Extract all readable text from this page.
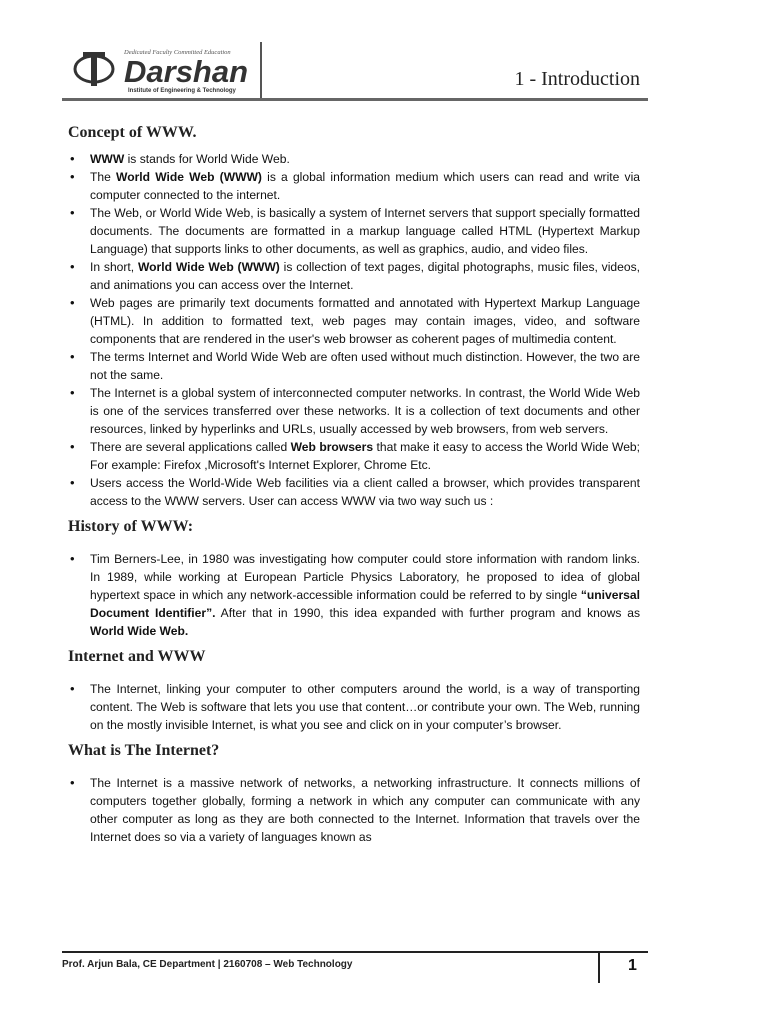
Dedicated Faculty Committed Education
Darshan
Institute of Engineering & Technology
1 - Introduction
Concept of WWW.
• WWW is stands for World Wide Web.
• The World Wide Web (WWW) is a global information medium which users can read and write via computer connected to the internet.
• The Web, or World Wide Web, is basically a system of Internet servers that support specially formatted documents. The documents are formatted in a markup language called HTML (Hypertext Markup Language) that supports links to other documents, as well as graphics, audio, and video files.
• In short, World Wide Web (WWW) is collection of text pages, digital photographs, music files, videos, and animations you can access over the Internet.
• Web pages are primarily text documents formatted and annotated with Hypertext Markup Language (HTML). In addition to formatted text, web pages may contain images, video, and software components that are rendered in the user's web browser as coherent pages of multimedia content.
• The terms Internet and World Wide Web are often used without much distinction. However, the two are not the same.
• The Internet is a global system of interconnected computer networks. In contrast, the World Wide Web is one of the services transferred over these networks. It is a collection of text documents and other resources, linked by hyperlinks and URLs, usually accessed by web browsers, from web servers.
• There are several applications called Web browsers that make it easy to access the World Wide Web; For example: Firefox ,Microsoft's Internet Explorer, Chrome Etc.
• Users access the World-Wide Web facilities via a client called a browser, which provides transparent access to the WWW servers. User can access WWW via two way such us :
History of WWW:
• Tim Berners-Lee, in 1980 was investigating how computer could store information with random links. In 1989, while working at European Particle Physics Laboratory, he proposed to idea of global hypertext space in which any network-accessible information could be referred to by single “universal Document Identifier”. After that in 1990, this idea expanded with further program and knows as World Wide Web.
Internet and WWW
• The Internet, linking your computer to other computers around the world, is a way of transporting content. The Web is software that lets you use that content…or contribute your own. The Web, running on the mostly invisible Internet, is what you see and click on in your computer’s browser.
What is The Internet?
• The Internet is a massive network of networks, a networking infrastructure. It connects millions of computers together globally, forming a network in which any computer can communicate with any other computer as long as they are both connected to the Internet. Information that travels over the Internet does so via a variety of languages known as
Prof. Arjun Bala, CE Department | 2160708 – Web Technology	1
